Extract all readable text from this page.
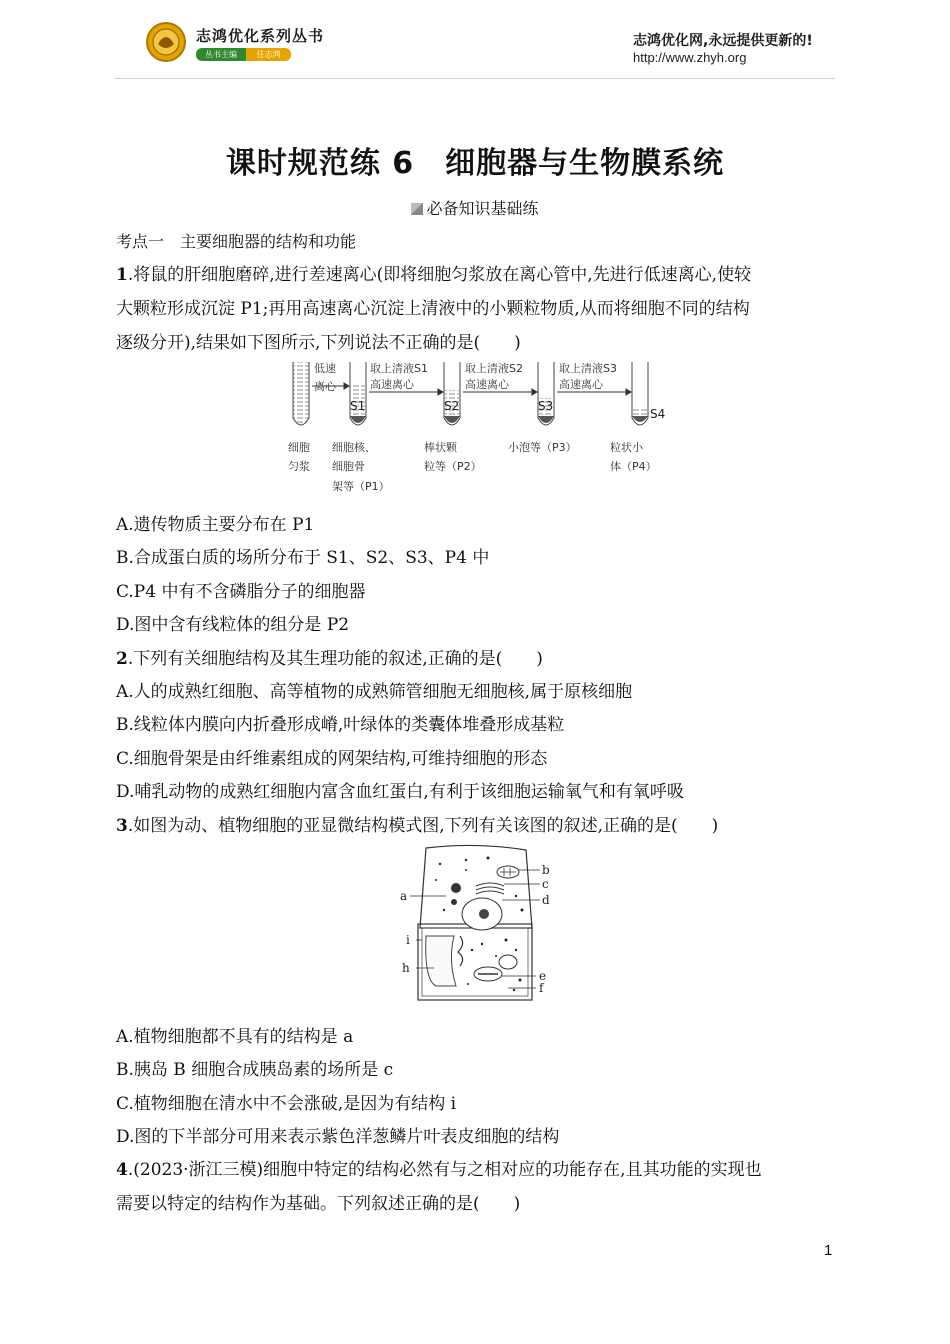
志鸿优化系列丛书
丛书主编	任志鸿
志鸿优化网,永远提供更新的!
http://www.zhyh.org
课时规范练 6　细胞器与生物膜系统
必备知识基础练
考点一　主要细胞器的结构和功能
1.将鼠的肝细胞磨碎,进行差速离心(即将细胞匀浆放在离心管中,先进行低速离心,使较
大颗粒形成沉淀 P1;再用高速离心沉淀上清液中的小颗粒物质,从而将细胞不同的结构
逐级分开),结果如下图所示,下列说法不正确的是(　　)
低速
离心
取上清液S1
高速离心
取上清液S2
高速离心
取上清液S3
高速离心
S1	S2	S3
S4
细胞
匀浆
细胞核、
细胞骨
架等（P1）
棒状颗
粒等（P2）
小泡等（P3）	粒状小
体（P4）
A.遗传物质主要分布在 P1
B.合成蛋白质的场所分布于 S1、S2、S3、P4 中
C.P4 中有不含磷脂分子的细胞器
D.图中含有线粒体的组分是 P2
2.下列有关细胞结构及其生理功能的叙述,正确的是(　　)
A.人的成熟红细胞、高等植物的成熟筛管细胞无细胞核,属于原核细胞
B.线粒体内膜向内折叠形成嵴,叶绿体的类囊体堆叠形成基粒
C.细胞骨架是由纤维素组成的网架结构,可维持细胞的形态
D.哺乳动物的成熟红细胞内富含血红蛋白,有利于该细胞运输氧气和有氧呼吸
3.如图为动、植物细胞的亚显微结构模式图,下列有关该图的叙述,正确的是(　　)
a
b
c
d
i
h
e
f
A.植物细胞都不具有的结构是 a
B.胰岛 B 细胞合成胰岛素的场所是 c
C.植物细胞在清水中不会涨破,是因为有结构 i
D.图的下半部分可用来表示紫色洋葱鳞片叶表皮细胞的结构
4.(2023·浙江三模)细胞中特定的结构必然有与之相对应的功能存在,且其功能的实现也
需要以特定的结构作为基础。下列叙述正确的是(　　)
1
